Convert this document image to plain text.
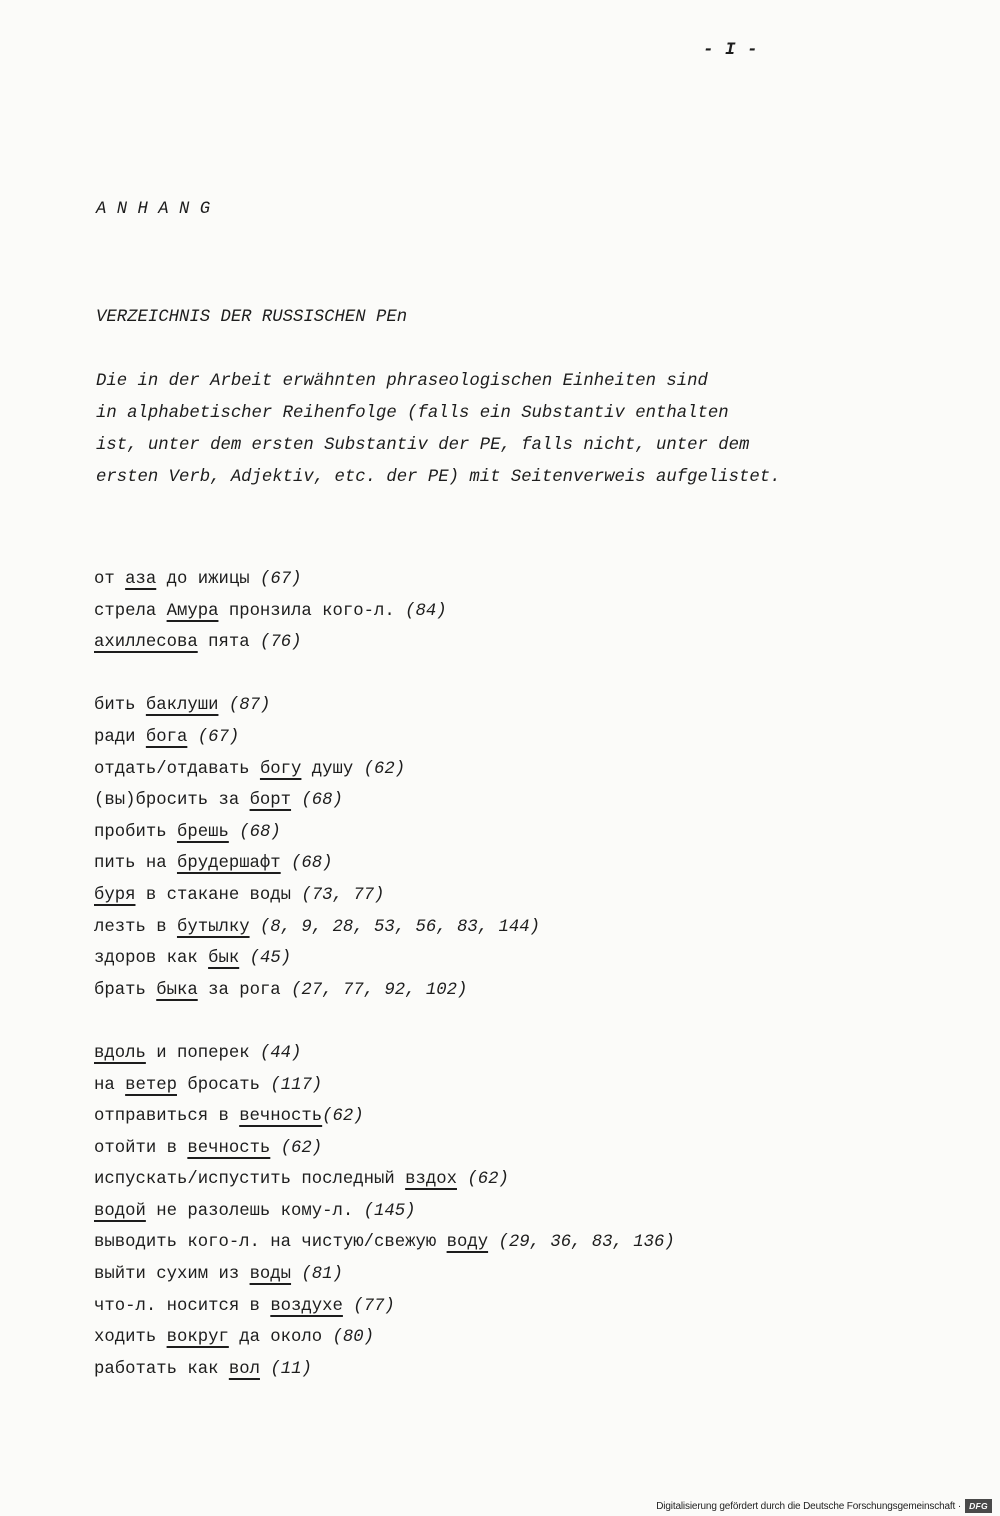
- I -
A N H A N G
VERZEICHNIS DER RUSSISCHEN PEn
Die in der Arbeit erwähnten phraseologischen Einheiten sind
in alphabetischer Reihenfolge (falls ein Substantiv enthalten
ist, unter dem ersten Substantiv der PE, falls nicht, unter dem
ersten Verb, Adjektiv, etc. der PE) mit Seitenverweis aufgelistet.
от аза до ижицы (67)
стрела Амура пронзила кого-л. (84)
ахиллесова пята (76)
бить баклуши (87)
ради бога (67)
отдать/отдавать богу душу (62)
(вы)бросить за борт (68)
пробить брешь (68)
пить на брудершафт (68)
буря в стакане воды (73, 77)
лезть в бутылку (8, 9, 28, 53, 56, 83, 144)
здоров как бык (45)
брать быка за рога (27, 77, 92, 102)
вдоль и поперек (44)
на ветер бросать (117)
отправиться в вечность(62)
отойти в вечность (62)
испускать/испустить последный вздох (62)
водой не разолешь кому-л. (145)
выводить кого-л. на чистую/свежую воду (29, 36, 83, 136)
выйти сухим из воды (81)
что-л. носится в воздухе (77)
ходить вокруг да около (80)
работать как вол (11)
Digitalisierung gefördert durch die Deutsche Forschungsgemeinschaft · DFG
